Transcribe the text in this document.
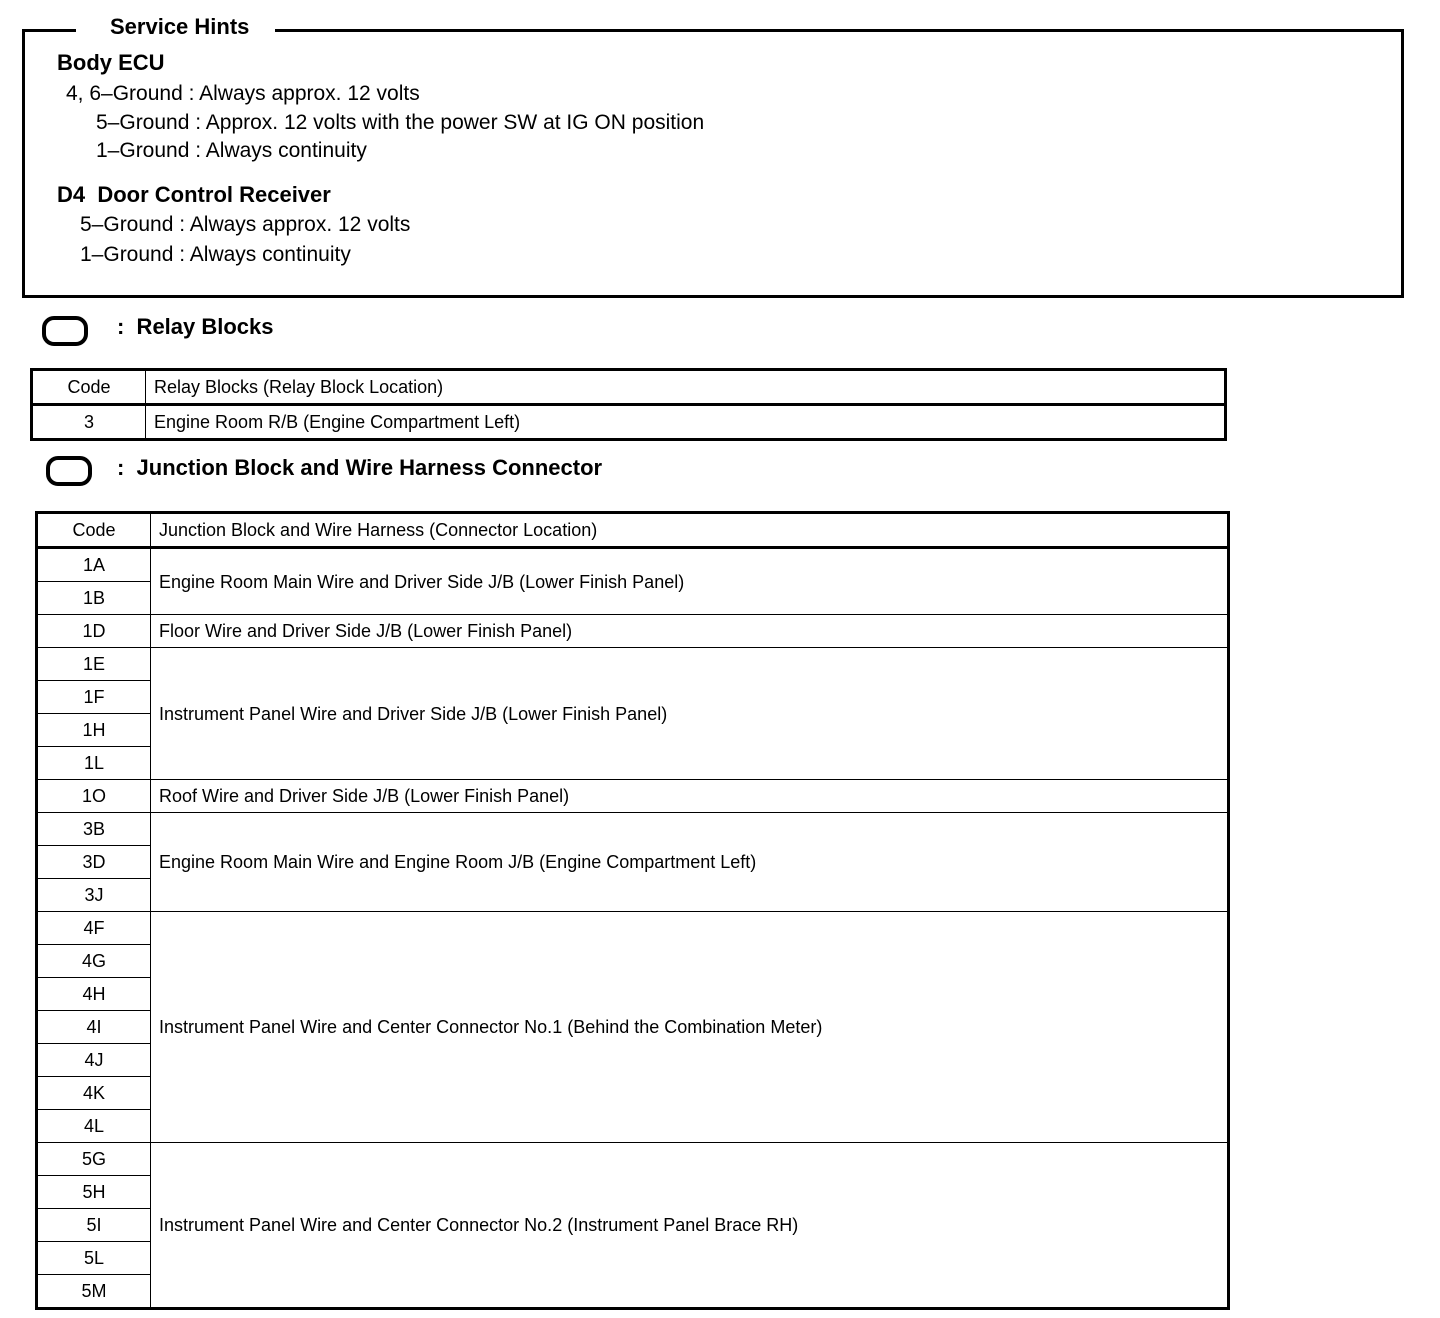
Service Hints
Body ECU
4, 6–Ground : Always approx. 12 volts
5–Ground : Approx. 12 volts with the power SW at IG ON position
1–Ground : Always continuity
D4  Door Control Receiver
5–Ground : Always approx. 12 volts
1–Ground : Always continuity
:  Relay Blocks
Code	Relay Blocks (Relay Block Location)
3	Engine Room R/B (Engine Compartment Left)
:  Junction Block and Wire Harness Connector
Code	Junction Block and Wire Harness (Connector Location)
1A	Engine Room Main Wire and Driver Side J/B (Lower Finish Panel)
1B	
1D	Floor Wire and Driver Side J/B (Lower Finish Panel)
1E	Instrument Panel Wire and Driver Side J/B (Lower Finish Panel)
1F	
1H	
1L	
1O	Roof Wire and Driver Side J/B (Lower Finish Panel)
3B	Engine Room Main Wire and Engine Room J/B (Engine Compartment Left)
3D	
3J	
4F	Instrument Panel Wire and Center Connector No.1 (Behind the Combination Meter)
4G	
4H	
4I	
4J	
4K	
4L	
5G	Instrument Panel Wire and Center Connector No.2 (Instrument Panel Brace RH)
5H	
5I	
5L	
5M	
